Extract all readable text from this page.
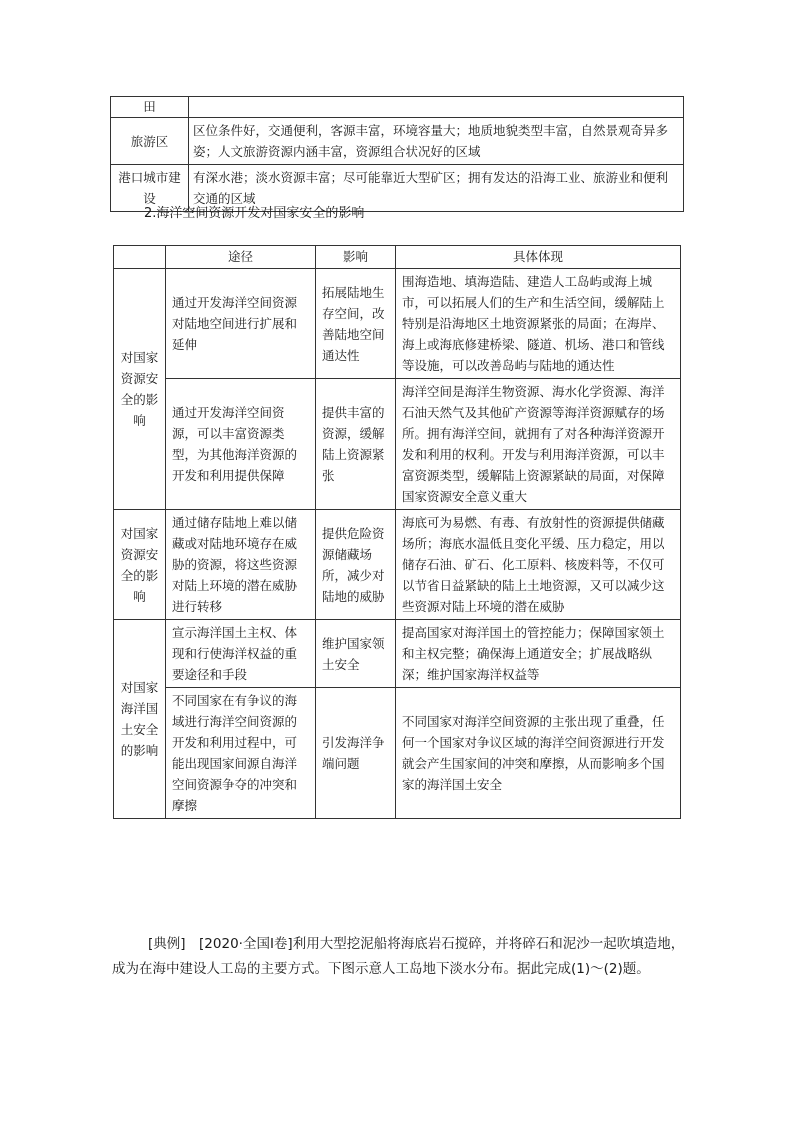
田	
旅游区	区位条件好，交通便利，客源丰富，环境容量大；地质地貌类型丰富，自然景观奇异多姿；人文旅游资源内涵丰富，资源组合状况好的区域
港口城市建设	有深水港；淡水资源丰富；尽可能靠近大型矿区；拥有发达的沿海工业、旅游业和便利交通的区域
2.海洋空间资源开发对国家安全的影响
	途径	影响	具体体现
对国家资源安全的影响	通过开发海洋空间资源对陆地空间进行扩展和延伸	拓展陆地生存空间，改善陆地空间通达性	围海造地、填海造陆、建造人工岛屿或海上城市，可以拓展人们的生产和生活空间，缓解陆上特别是沿海地区土地资源紧张的局面；在海岸、海上或海底修建桥梁、隧道、机场、港口和管线等设施，可以改善岛屿与陆地的通达性
	通过开发海洋空间资源，可以丰富资源类型，为其他海洋资源的开发和利用提供保障	提供丰富的资源，缓解陆上资源紧张	海洋空间是海洋生物资源、海水化学资源、海洋石油天然气及其他矿产资源等海洋资源赋存的场所。拥有海洋空间，就拥有了对各种海洋资源开发和利用的权利。开发与利用海洋资源，可以丰富资源类型，缓解陆上资源紧缺的局面，对保障国家资源安全意义重大
对国家资源安全的影响	通过储存陆地上难以储藏或对陆地环境存在威胁的资源，将这些资源对陆上环境的潜在威胁进行转移	提供危险资源储藏场所，减少对陆地的威胁	海底可为易燃、有毒、有放射性的资源提供储藏场所；海底水温低且变化平缓、压力稳定，用以储存石油、矿石、化工原料、核废料等，不仅可以节省日益紧缺的陆上土地资源，又可以减少这些资源对陆上环境的潜在威胁
对国家海洋国土安全的影响	宣示海洋国土主权、体现和行使海洋权益的重要途径和手段	维护国家领土安全	提高国家对海洋国土的管控能力；保障国家领土和主权完整；确保海上通道安全；扩展战略纵深；维护国家海洋权益等
	不同国家在有争议的海域进行海洋空间资源的开发和利用过程中，可能出现国家间源自海洋空间资源争夺的冲突和摩擦	引发海洋争端问题	不同国家对海洋空间资源的主张出现了重叠，任何一个国家对争议区域的海洋空间资源进行开发就会产生国家间的冲突和摩擦，从而影响多个国家的海洋国土安全
[典例]　[2020·全国Ⅰ卷]利用大型挖泥船将海底岩石搅碎，并将碎石和泥沙一起吹填造地，成为在海中建设人工岛的主要方式。下图示意人工岛地下淡水分布。据此完成(1)～(2)题。
